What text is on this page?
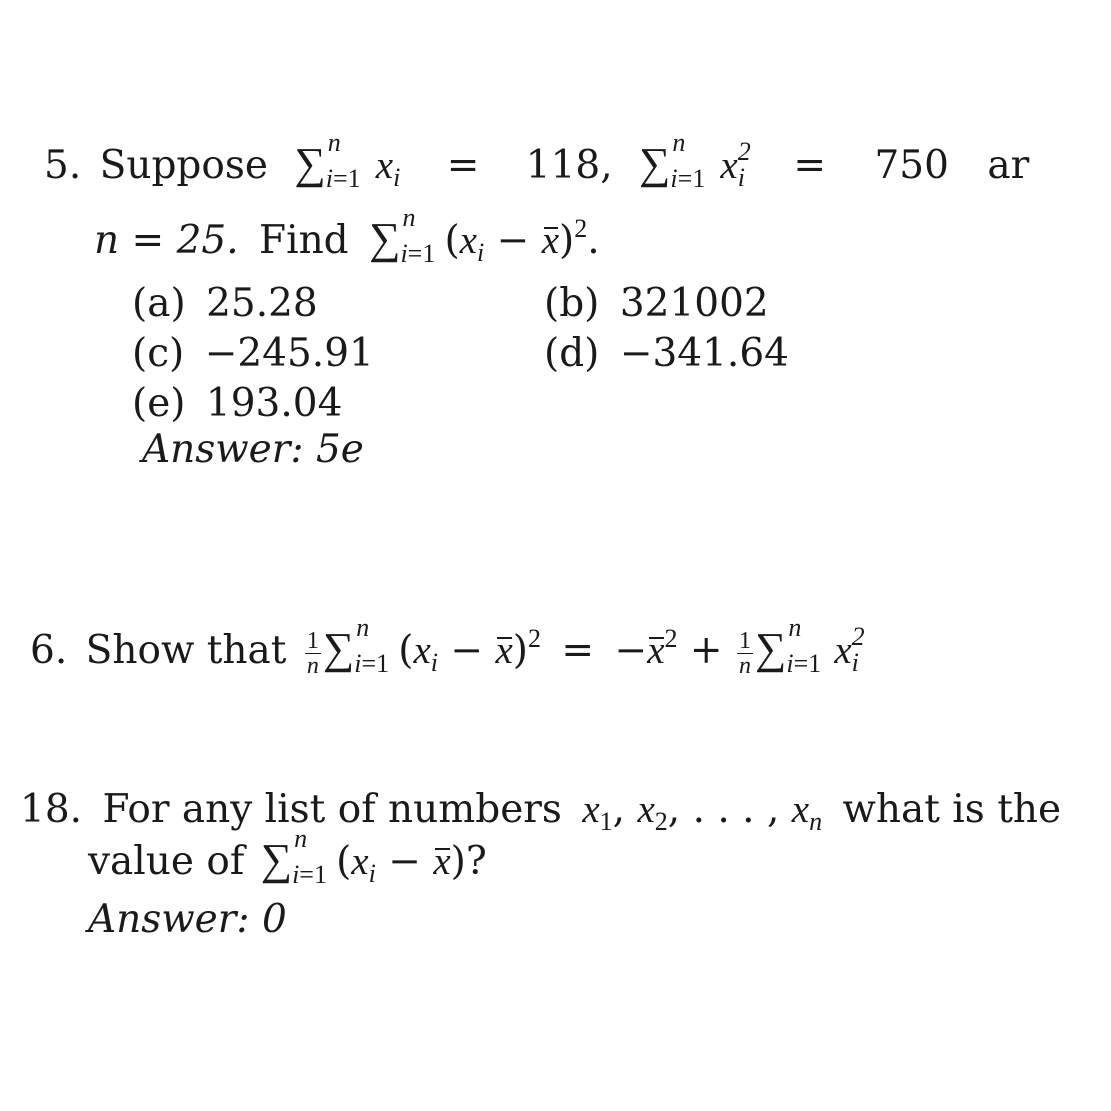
5. Suppose ∑ n
i=1 $x_i = 118$, ∑ n
i=1 x $_{2 i}$ = 750 ar
n = 25. Find ∑ n
i=1 $(x_i - x)^2$.
(a) 25.28	(b) 321002
(c) −245.91	(d) −341.64
(e) 193.04
Answer: 5e
6. Show that $\frac{1}{n}$ ∑ n
i=1 $(x_i - x)^2 = -x^2 + \frac{1}{n}$ ∑ n
i=1 x $_{2 i}$
18. For any list of numbers $x_1$, $x_2$, . . . , $x_n$ what is the
value of ∑ n
i=1 $(x_i - x)$?
Answer: 0
